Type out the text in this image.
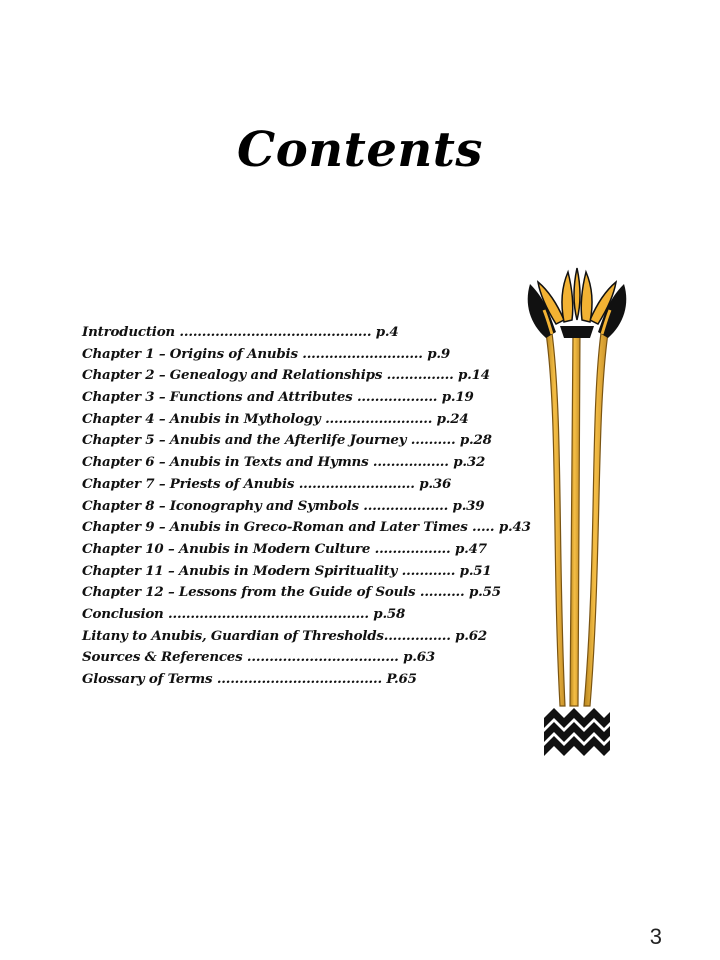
Contents
Introduction ........................................... p.4
Chapter 1 – Origins of Anubis ........................... p.9
Chapter 2 – Genealogy and Relationships ............... p.14
Chapter 3 – Functions and Attributes .................. p.19
Chapter 4 – Anubis in Mythology ........................ p.24
Chapter 5 – Anubis and the Afterlife Journey .......... p.28
Chapter 6 – Anubis in Texts and Hymns ................. p.32
Chapter 7 – Priests of Anubis .......................... p.36
Chapter 8 – Iconography and Symbols ................... p.39
Chapter 9 – Anubis in Greco-Roman and Later Times ..... p.43
Chapter 10 – Anubis in Modern Culture ................. p.47
Chapter 11 – Anubis in Modern Spirituality ............ p.51
Chapter 12 – Lessons from the Guide of Souls .......... p.55
Conclusion ............................................. p.58
Litany to Anubis, Guardian of Thresholds............... p.62
Sources & References .................................. p.63
Glossary of Terms ..................................... P.65
3
